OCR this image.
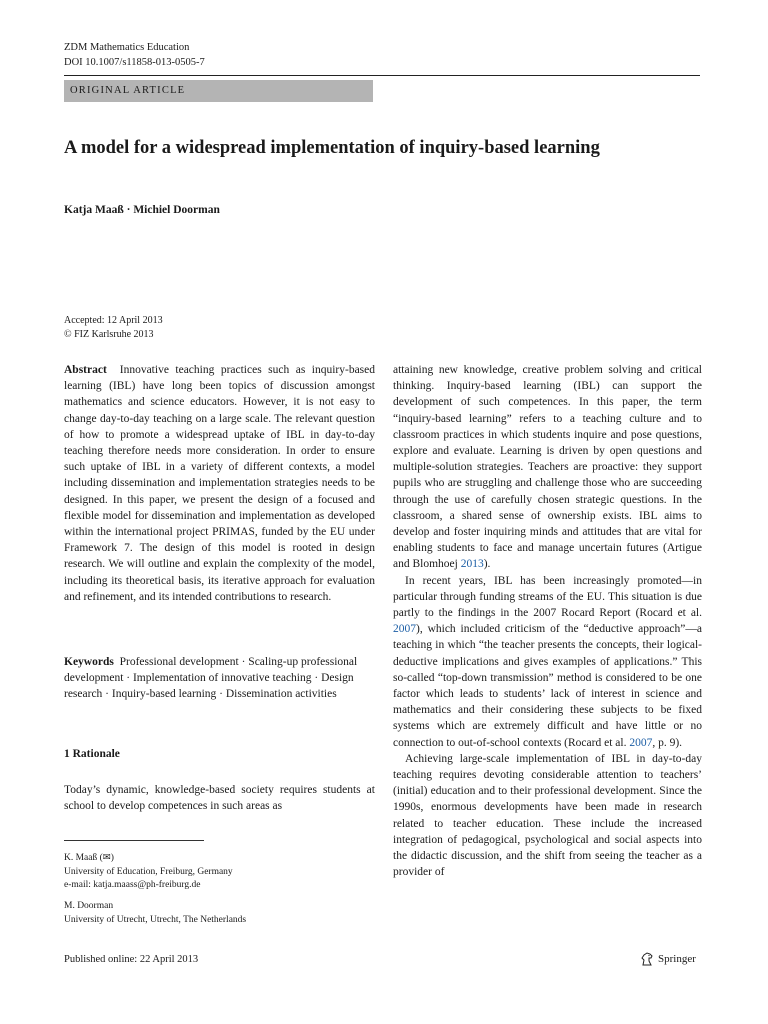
ZDM Mathematics Education
DOI 10.1007/s11858-013-0505-7
ORIGINAL ARTICLE
A model for a widespread implementation of inquiry-based learning
Katja Maaß · Michiel Doorman
Accepted: 12 April 2013
© FIZ Karlsruhe 2013

Abstract Innovative teaching practices such as inquiry-based learning (IBL) have long been topics of discussion amongst mathematics and science educators. However, it is not easy to change day-to-day teaching on a large scale. The relevant question of how to promote a widespread uptake of IBL in day-to-day teaching therefore needs more consideration. In order to ensure such uptake of IBL in a variety of different contexts, a model including dissemination and implementation strategies needs to be designed. In this paper, we present the design of a focused and flexible model for dissemination and implementation as developed within the international project PRIMAS, funded by the EU under Framework 7. The design of this model is rooted in design research. We will outline and explain the complexity of the model, including its theoretical basis, its iterative approach for evaluation and refinement, and its intended contributions to research.

Keywords Professional development · Scaling-up professional development · Implementation of innovative teaching · Design research · Inquiry-based learning · Dissemination activities

1 Rationale

Today’s dynamic, knowledge-based society requires students at school to develop competences in such areas as

K. Maaß (✉)
University of Education, Freiburg, Germany
e-mail: katja.maass@ph-freiburg.de
M. Doorman
University of Utrecht, Utrecht, The Netherlands

attaining new knowledge, creative problem solving and critical thinking. Inquiry-based learning (IBL) can support the development of such competences. In this paper, the term “inquiry-based learning” refers to a teaching culture and to classroom practices in which students inquire and pose questions, explore and evaluate. Learning is driven by open questions and multiple-solution strategies. Teachers are proactive: they support pupils who are struggling and challenge those who are succeeding through the use of carefully chosen strategic questions. In the classroom, a shared sense of ownership exists. IBL aims to develop and foster inquiring minds and attitudes that are vital for enabling students to face and manage uncertain futures (Artigue and Blomhoej 2013).

In recent years, IBL has been increasingly promoted—in particular through funding streams of the EU. This situation is due partly to the findings in the 2007 Rocard Report (Rocard et al. 2007), which included criticism of the “deductive approach”—a teaching in which “the teacher presents the concepts, their logical-deductive implications and gives examples of applications.” This so-called “top-down transmission” method is considered to be one factor which leads to students’ lack of interest in science and mathematics and their considering these subjects to be fixed systems which are extremely difficult and have little or no connection to out-of-school contexts (Rocard et al. 2007, p. 9).

Achieving large-scale implementation of IBL in day-to-day teaching requires devoting considerable attention to teachers’ (initial) education and to their professional development. Since the 1990s, enormous developments have been made in research related to teacher education. These include the increased integration of pedagogical, psychological and social aspects into the didactic discussion, and the shift from seeing the teacher as a provider of

Published online: 22 April 2013	Springer
